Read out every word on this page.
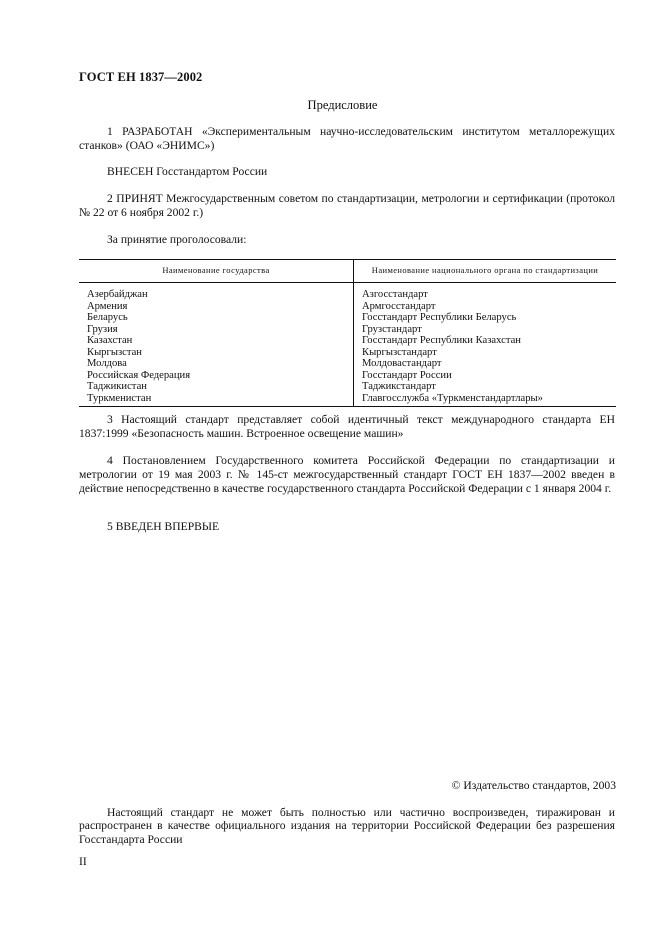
ГОСТ ЕН 1837—2002
Предисловие
1 РАЗРАБОТАН «Экспериментальным научно-исследовательским институтом металлорежущих станков» (ОАО «ЭНИМС»)
ВНЕСЕН Госстандартом России
2 ПРИНЯТ Межгосударственным советом по стандартизации, метрологии и сертификации (протокол № 22 от 6 ноября 2002 г.)
За принятие проголосовали:
Наименование государства	Наименование национального органа по стандартизации
Азербайджан	Азгосстандарт
Армения	Армгосстандарт
Беларусь	Госстандарт Республики Беларусь
Грузия	Грузстандарт
Казахстан	Госстандарт Республики Казахстан
Кыргызстан	Кыргызстандарт
Молдова	Молдовастандарт
Российская Федерация	Госстандарт России
Таджикистан	Таджикстандарт
Туркменистан	Главгосслужба «Туркменстандартлары»
3 Настоящий стандарт представляет собой идентичный текст международного стандарта ЕН 1837:1999 «Безопасность машин. Встроенное освещение машин»
4 Постановлением Государственного комитета Российской Федерации по стандартизации и метрологии от 19 мая 2003 г. № 145-ст межгосударственный стандарт ГОСТ ЕН 1837—2002 введен в действие непосредственно в качестве государственного стандарта Российской Федерации с 1 января 2004 г.
5 ВВЕДЕН ВПЕРВЫЕ
© Издательство стандартов, 2003
Настоящий стандарт не может быть полностью или частично воспроизведен, тиражирован и распространен в качестве официального издания на территории Российской Федерации без разрешения Госстандарта России
II
